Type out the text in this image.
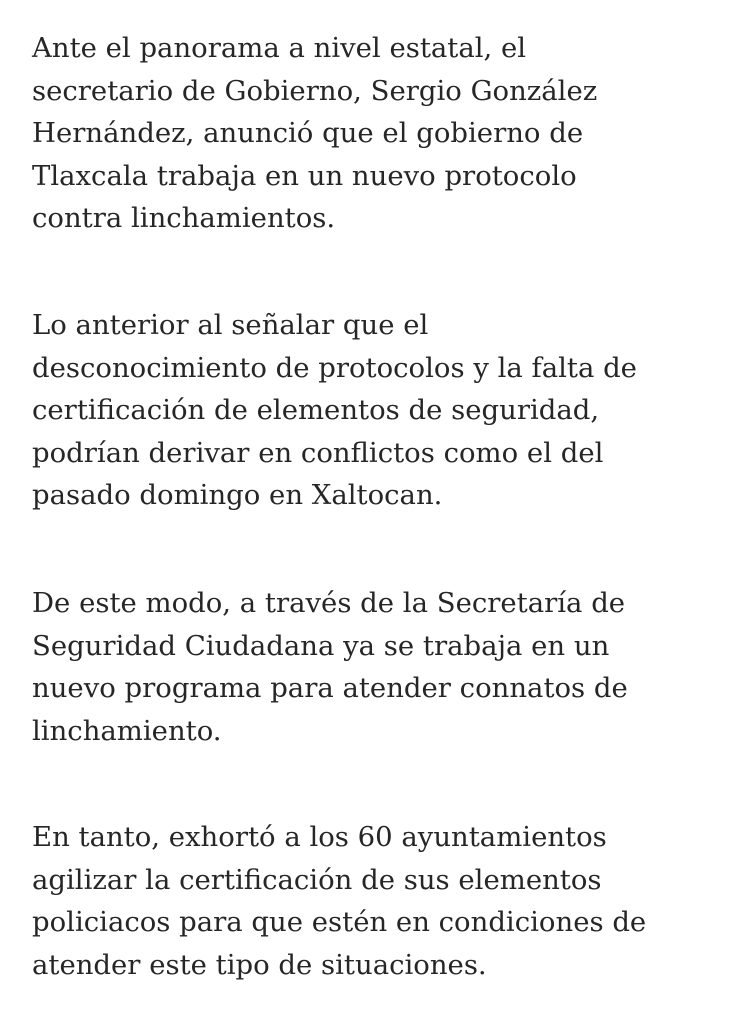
Ante el panorama a nivel estatal, el
secretario de Gobierno, Sergio González
Hernández, anunció que el gobierno de
Tlaxcala trabaja en un nuevo protocolo
contra linchamientos.

Lo anterior al señalar que el
desconocimiento de protocolos y la falta de
certificación de elementos de seguridad,
podrían derivar en conflictos como el del
pasado domingo en Xaltocan.

De este modo, a través de la Secretaría de
Seguridad Ciudadana ya se trabaja en un
nuevo programa para atender connatos de
linchamiento.

En tanto, exhortó a los 60 ayuntamientos
agilizar la certificación de sus elementos
policiacos para que estén en condiciones de
atender este tipo de situaciones.
